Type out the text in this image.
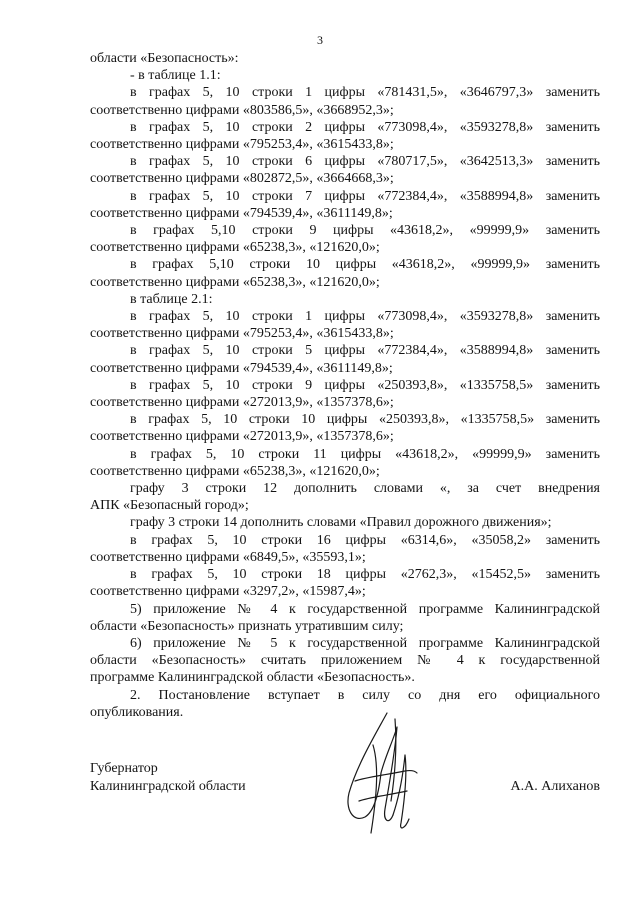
3
области «Безопасность»:
- в таблице 1.1:
в графах 5, 10 строки 1 цифры «781431,5», «3646797,3» заменить
соответственно цифрами «803586,5», «3668952,3»;
в графах 5, 10 строки 2 цифры «773098,4», «3593278,8» заменить
соответственно цифрами «795253,4», «3615433,8»;
в графах 5, 10 строки 6 цифры «780717,5», «3642513,3» заменить
соответственно цифрами «802872,5», «3664668,3»;
в графах 5, 10 строки 7 цифры «772384,4», «3588994,8» заменить
соответственно цифрами «794539,4», «3611149,8»;
в графах 5,10 строки 9 цифры «43618,2», «99999,9» заменить
соответственно цифрами «65238,3», «121620,0»;
в графах 5,10 строки 10 цифры «43618,2», «99999,9» заменить
соответственно цифрами «65238,3», «121620,0»;
в таблице 2.1:
в графах 5, 10 строки 1 цифры «773098,4», «3593278,8» заменить
соответственно цифрами «795253,4», «3615433,8»;
в графах 5, 10 строки 5 цифры «772384,4», «3588994,8» заменить
соответственно цифрами «794539,4», «3611149,8»;
в графах 5, 10 строки 9 цифры «250393,8», «1335758,5» заменить
соответственно цифрами «272013,9», «1357378,6»;
в графах 5, 10 строки 10 цифры «250393,8», «1335758,5» заменить
соответственно цифрами «272013,9», «1357378,6»;
в графах 5, 10 строки 11 цифры «43618,2», «99999,9» заменить
соответственно цифрами «65238,3», «121620,0»;
графу 3 строки 12 дополнить словами «, за счет внедрения
АПК «Безопасный город»;
графу 3 строки 14 дополнить словами «Правил дорожного движения»;
в графах 5, 10 строки 16 цифры «6314,6», «35058,2» заменить
соответственно цифрами «6849,5», «35593,1»;
в графах 5, 10 строки 18 цифры «2762,3», «15452,5» заменить
соответственно цифрами «3297,2», «15987,4»;
5) приложение № 4 к государственной программе Калининградской
области «Безопасность» признать утратившим силу;
6) приложение № 5 к государственной программе Калининградской
области «Безопасность» считать приложением № 4 к государственной
программе Калининградской области «Безопасность».
2. Постановление вступает в силу со дня его официального
опубликования.
Губернатор
Калининградской области	А.А. Алиханов
